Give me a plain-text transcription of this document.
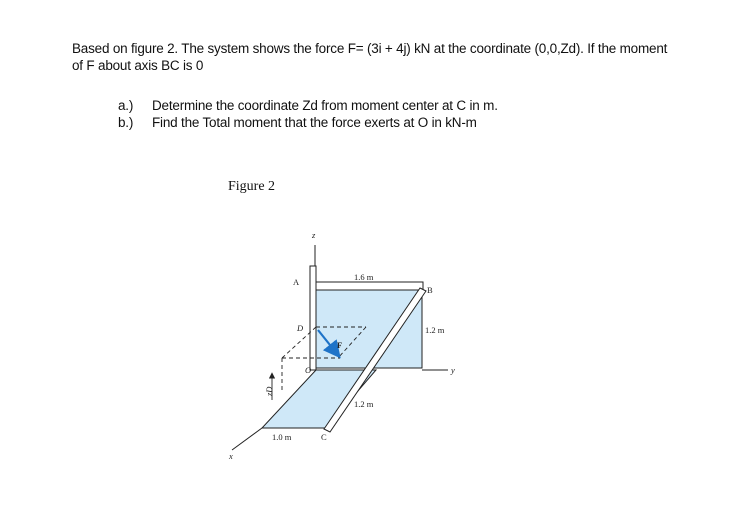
Based on figure 2. The system shows the force F= (3i + 4j) kN at the coordinate (0,0,Zd). If the moment
of F about axis BC is 0
a.)	Determine the coordinate Zd from moment center at C in m.
b.)	Find the Total moment that the force exerts at O in kN-m
Figure 2
z
y
x
zD
A
B
C
D
O
F
1.6 m
1.2 m
1.2 m
1.0 m
